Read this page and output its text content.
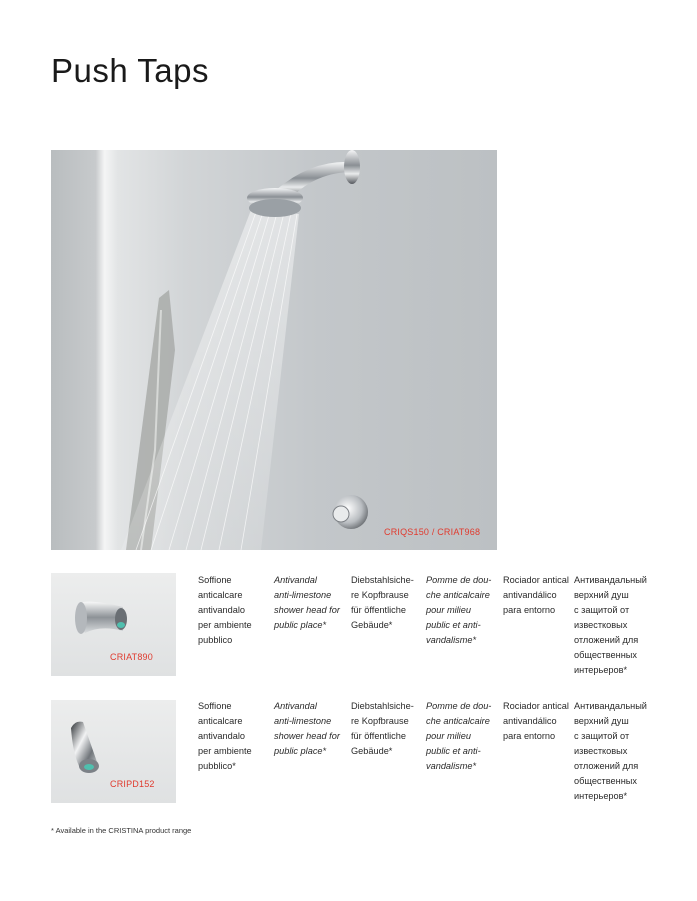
Push Taps
CRIQS150 / CRIAT968
CRIAT890
Soffione
anticalcare
antivandalo
per ambiente
pubblico
Antivandal
anti-limestone
shower head for
public place*
Diebstahlsiche-
re Kopfbrause
für öffentliche
Gebäude*
Pomme de dou-
che anticalcaire
pour milieu
public et anti-
vandalisme*
Rociador antical
antivandálico
para entorno
Антивандальный
верхний душ
с защитой от
известковых
отложений для
общественных
интерьеров*
CRIPD152
Soffione
anticalcare
antivandalo
per ambiente
pubblico*
Antivandal
anti-limestone
shower head for
public place*
Diebstahlsiche-
re Kopfbrause
für öffentliche
Gebäude*
Pomme de dou-
che anticalcaire
pour milieu
public et anti-
vandalisme*
Rociador antical
antivandálico
para entorno
Антивандальный
верхний душ
с защитой от
известковых
отложений для
общественных
интерьеров*
* Available in the CRISTINA product range
